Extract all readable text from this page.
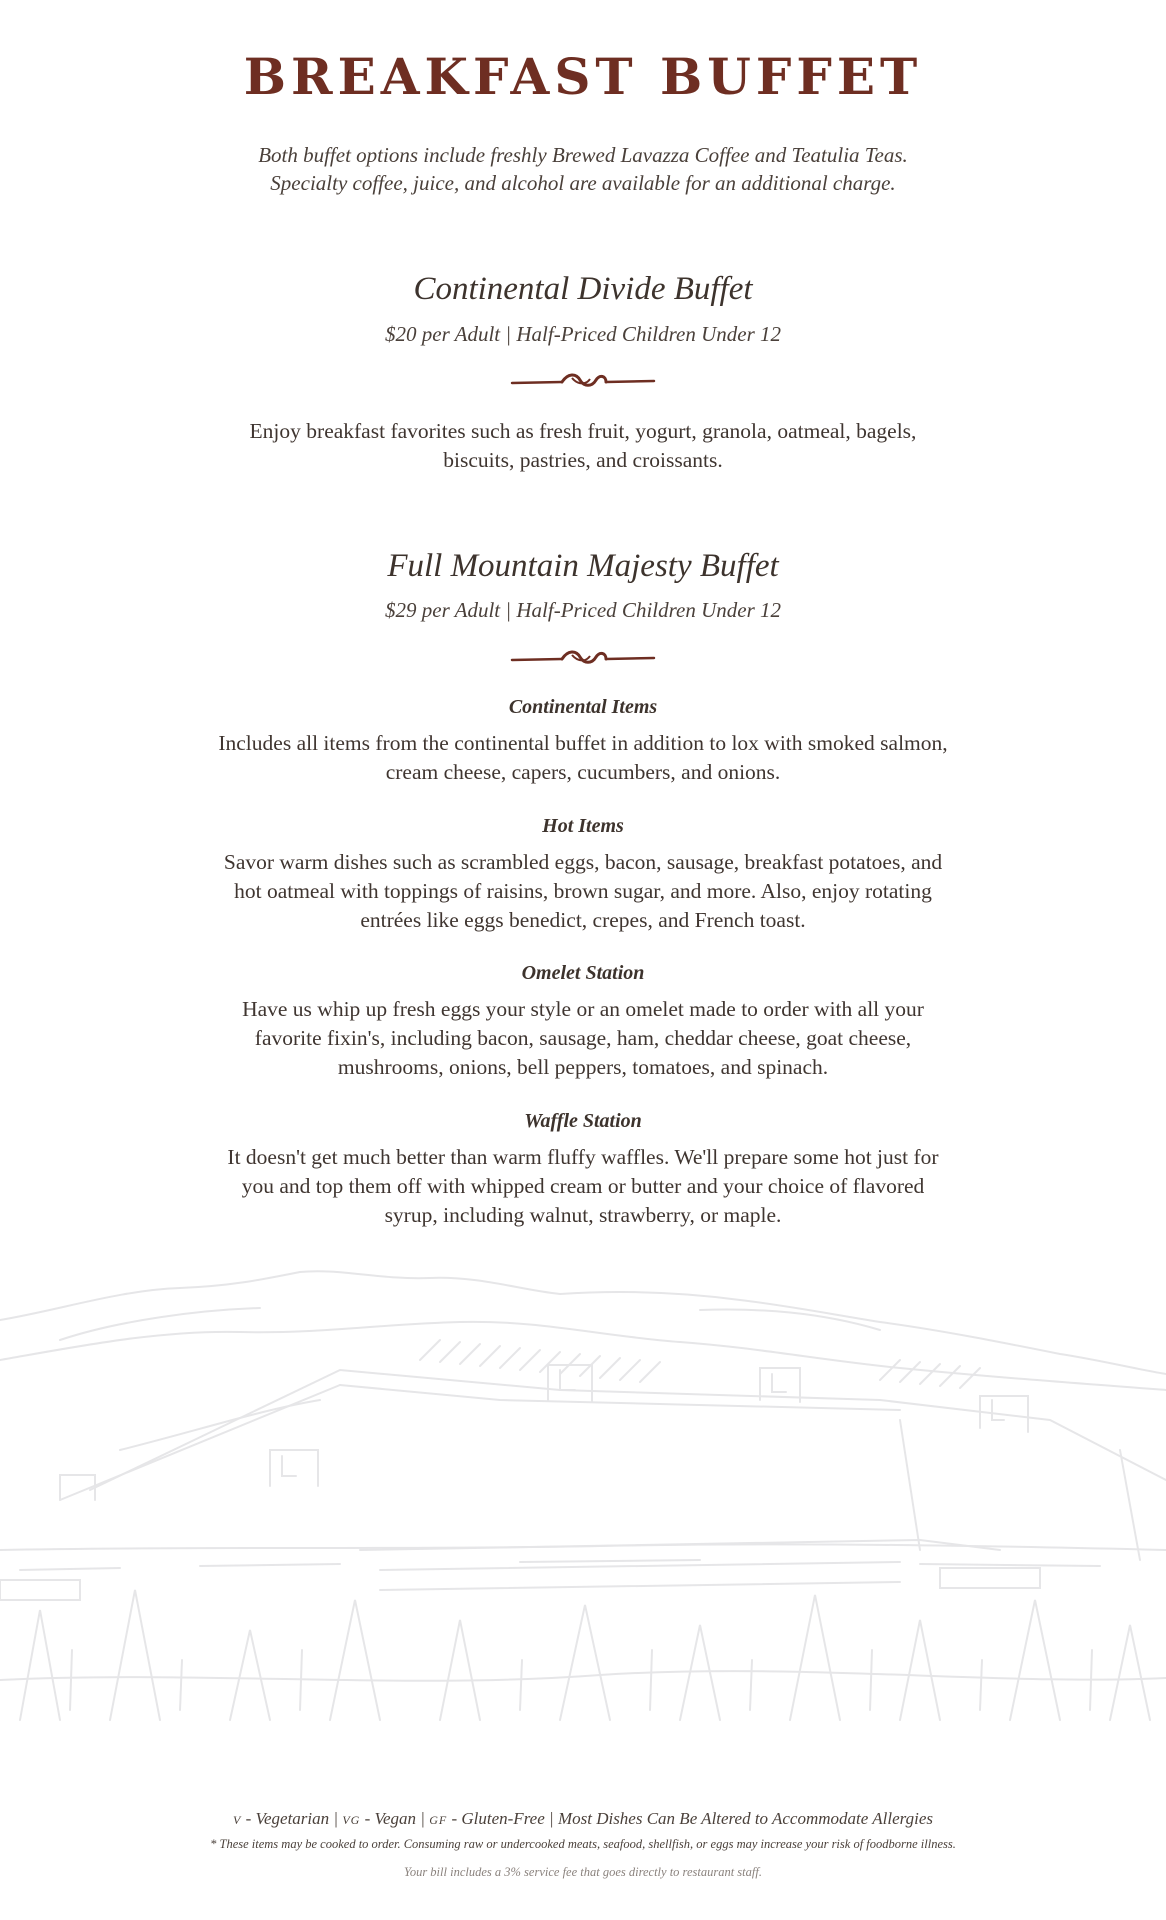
BREAKFAST BUFFET
Both buffet options include freshly Brewed Lavazza Coffee and Teatulia Teas.
Specialty coffee, juice, and alcohol are available for an additional charge.
Continental Divide Buffet
$20 per Adult | Half-Priced Children Under 12
Enjoy breakfast favorites such as fresh fruit, yogurt, granola, oatmeal, bagels, biscuits, pastries, and croissants.
Full Mountain Majesty Buffet
$29 per Adult | Half-Priced Children Under 12
Continental Items
Includes all items from the continental buffet in addition to lox with smoked salmon, cream cheese, capers, cucumbers, and onions.
Hot Items
Savor warm dishes such as scrambled eggs, bacon, sausage, breakfast potatoes, and hot oatmeal with toppings of raisins, brown sugar, and more. Also, enjoy rotating entrées like eggs benedict, crepes, and French toast.
Omelet Station
Have us whip up fresh eggs your style or an omelet made to order with all your favorite fixin's, including bacon, sausage, ham, cheddar cheese, goat cheese, mushrooms, onions, bell peppers, tomatoes, and spinach.
Waffle Station
It doesn't get much better than warm fluffy waffles. We'll prepare some hot just for you and top them off with whipped cream or butter and your choice of flavored syrup, including walnut, strawberry, or maple.
V - Vegetarian | VG - Vegan | GF - Gluten-Free | Most Dishes Can Be Altered to Accommodate Allergies
* These items may be cooked to order. Consuming raw or undercooked meats, seafood, shellfish, or eggs may increase your risk of foodborne illness.
Your bill includes a 3% service fee that goes directly to restaurant staff.
